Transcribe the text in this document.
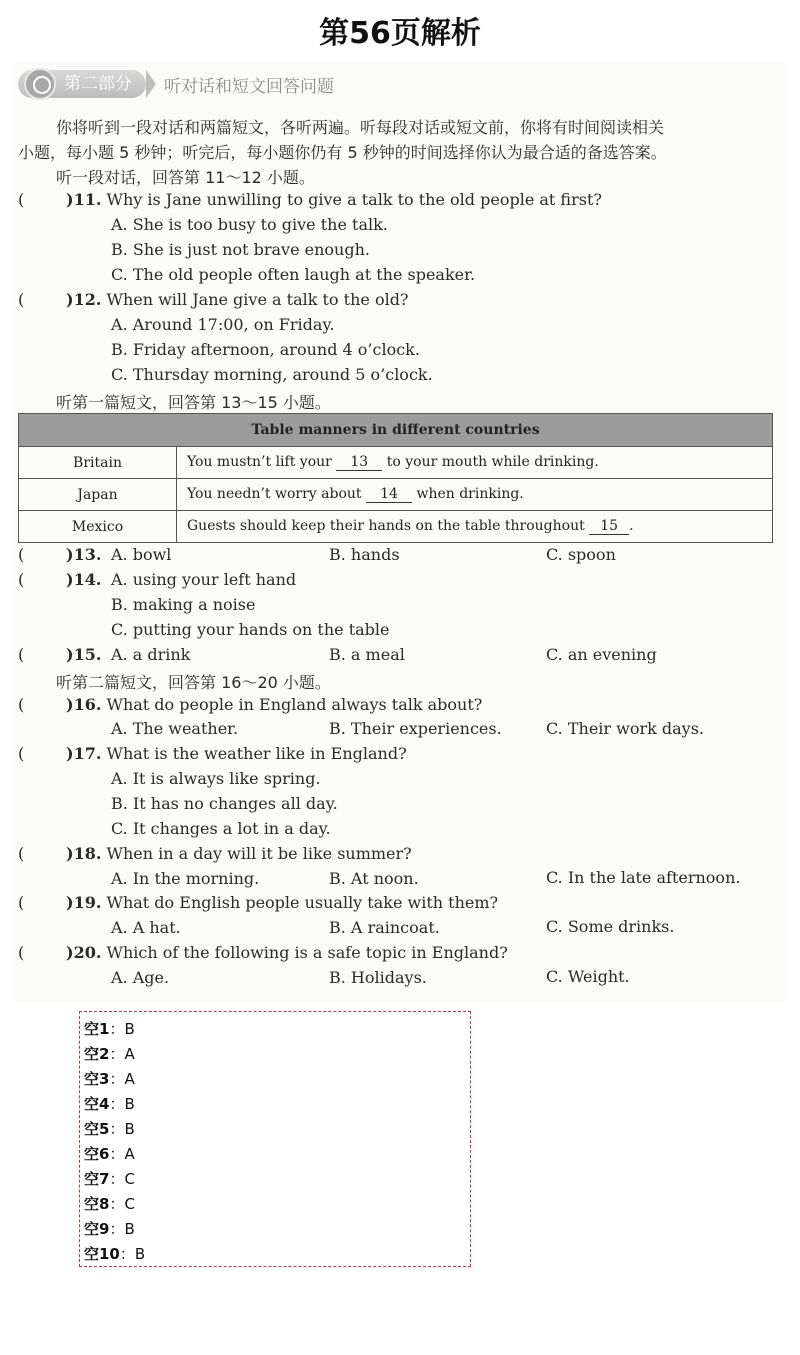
第56页解析
第二部分	听对话和短文回答问题
你将听到一段对话和两篇短文，各听两遍。听每段对话或短文前，你将有时间阅读相关
小题，每小题 5 秒钟；听完后，每小题你仍有 5 秒钟的时间选择你认为最合适的备选答案。
听一段对话，回答第 11～12 小题。
(	)11. Why is Jane unwilling to give a talk to the old people at first?
A. She is too busy to give the talk.
B. She is just not brave enough.
C. The old people often laugh at the speaker.
(	)12. When will Jane give a talk to the old?
A. Around 17:00, on Friday.
B. Friday afternoon, around 4 o’clock.
C. Thursday morning, around 5 o’clock.
听第一篇短文，回答第 13～15 小题。
Table manners in different countries	
Britain	You mustn’t lift your 13 to your mouth while drinking.
Japan	You needn’t worry about 14 when drinking.
Mexico	Guests should keep their hands on the table throughout 15 .
(	)13. A. bowl	B. hands	C. spoon
(	)14. A. using your left hand
B. making a noise
C. putting your hands on the table
(	)15. A. a drink	B. a meal	C. an evening
听第二篇短文，回答第 16～20 小题。
(	)16. What do people in England always talk about?
A. The weather.	B. Their experiences.	C. Their work days.
(	)17. What is the weather like in England?
A. It is always like spring.
B. It has no changes all day.
C. It changes a lot in a day.
(	)18. When in a day will it be like summer?
A. In the morning.	B. At noon.	C. In the late afternoon.
(	)19. What do English people usually take with them?
A. A hat.	B. A raincoat.	C. Some drinks.
(	)20. Which of the following is a safe topic in England?
A. Age.	B. Holidays.	C. Weight.
空1：B
空2：A
空3：A
空4：B
空5：B
空6：A
空7：C
空8：C
空9：B
空10：B
